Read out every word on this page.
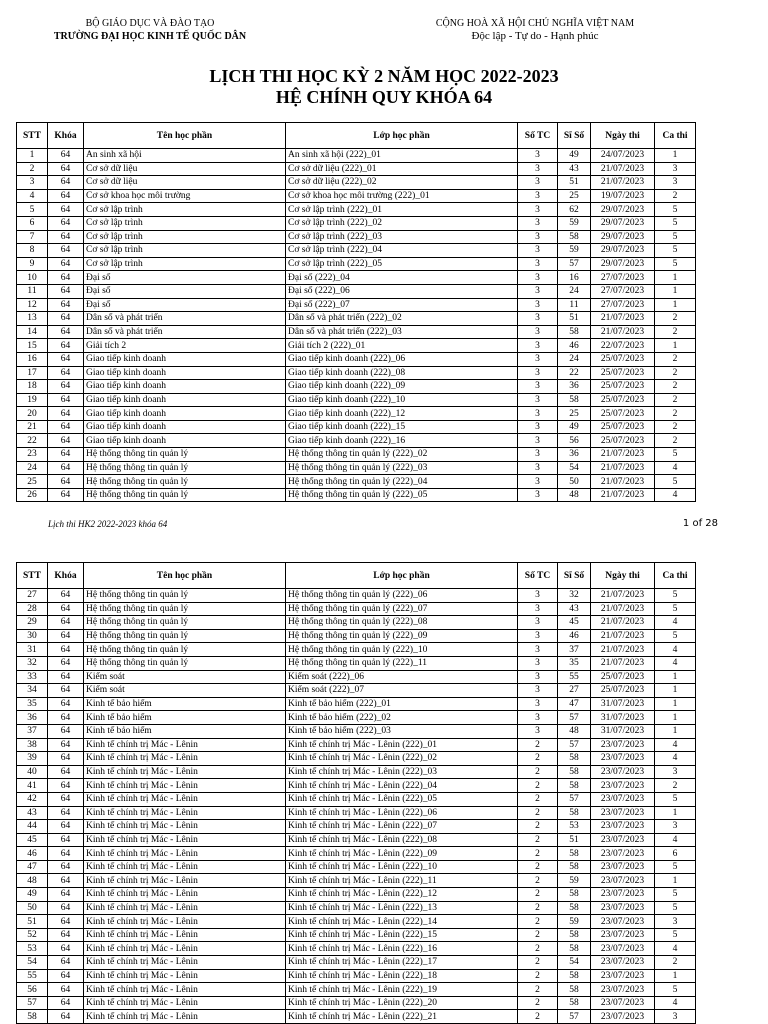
BỘ GIÁO DỤC VÀ ĐÀO TẠO
TRƯỜNG ĐẠI HỌC KINH TẾ QUỐC DÂN
CỘNG HOÀ XÃ HỘI CHỦ NGHĨA VIỆT NAM
Độc lập - Tự do - Hạnh phúc
LỊCH THI HỌC KỲ 2 NĂM HỌC 2022-2023
HỆ CHÍNH QUY KHÓA 64
STT	Khóa	Tên học phần	Lớp học phần	Số TC	Sĩ Số	Ngày thi	Ca thi
1	64	An sinh xã hội	An sinh xã hội (222)_01	3	49	24/07/2023	1
2	64	Cơ sở dữ liệu	Cơ sở dữ liệu (222)_01	3	43	21/07/2023	3
3	64	Cơ sở dữ liệu	Cơ sở dữ liệu (222)_02	3	51	21/07/2023	3
4	64	Cơ sở khoa học môi trường	Cơ sở khoa học môi trường (222)_01	3	25	19/07/2023	2
5	64	Cơ sở lập trình	Cơ sở lập trình (222)_01	3	62	29/07/2023	5
6	64	Cơ sở lập trình	Cơ sở lập trình (222)_02	3	59	29/07/2023	5
7	64	Cơ sở lập trình	Cơ sở lập trình (222)_03	3	58	29/07/2023	5
8	64	Cơ sở lập trình	Cơ sở lập trình (222)_04	3	59	29/07/2023	5
9	64	Cơ sở lập trình	Cơ sở lập trình (222)_05	3	57	29/07/2023	5
10	64	Đại số	Đại số (222)_04	3	16	27/07/2023	1
11	64	Đại số	Đại số (222)_06	3	24	27/07/2023	1
12	64	Đại số	Đại số (222)_07	3	11	27/07/2023	1
13	64	Dân số và phát triển	Dân số và phát triển (222)_02	3	51	21/07/2023	2
14	64	Dân số và phát triển	Dân số và phát triển (222)_03	3	58	21/07/2023	2
15	64	Giải tích 2	Giải tích 2 (222)_01	3	46	22/07/2023	1
16	64	Giao tiếp kinh doanh	Giao tiếp kinh doanh (222)_06	3	24	25/07/2023	2
17	64	Giao tiếp kinh doanh	Giao tiếp kinh doanh (222)_08	3	22	25/07/2023	2
18	64	Giao tiếp kinh doanh	Giao tiếp kinh doanh (222)_09	3	36	25/07/2023	2
19	64	Giao tiếp kinh doanh	Giao tiếp kinh doanh (222)_10	3	58	25/07/2023	2
20	64	Giao tiếp kinh doanh	Giao tiếp kinh doanh (222)_12	3	25	25/07/2023	2
21	64	Giao tiếp kinh doanh	Giao tiếp kinh doanh (222)_15	3	49	25/07/2023	2
22	64	Giao tiếp kinh doanh	Giao tiếp kinh doanh (222)_16	3	56	25/07/2023	2
23	64	Hệ thống thông tin quản lý	Hệ thống thông tin quản lý (222)_02	3	36	21/07/2023	5
24	64	Hệ thống thông tin quản lý	Hệ thống thông tin quản lý (222)_03	3	54	21/07/2023	4
25	64	Hệ thống thông tin quản lý	Hệ thống thông tin quản lý (222)_04	3	50	21/07/2023	5
26	64	Hệ thống thông tin quản lý	Hệ thống thông tin quản lý (222)_05	3	48	21/07/2023	4
Lịch thi HK2 2022-2023 khóa 64	1 of 28
STT	Khóa	Tên học phần	Lớp học phần	Số TC	Sĩ Số	Ngày thi	Ca thi
27	64	Hệ thống thông tin quản lý	Hệ thống thông tin quản lý (222)_06	3	32	21/07/2023	5
28	64	Hệ thống thông tin quản lý	Hệ thống thông tin quản lý (222)_07	3	43	21/07/2023	5
29	64	Hệ thống thông tin quản lý	Hệ thống thông tin quản lý (222)_08	3	45	21/07/2023	4
30	64	Hệ thống thông tin quản lý	Hệ thống thông tin quản lý (222)_09	3	46	21/07/2023	5
31	64	Hệ thống thông tin quản lý	Hệ thống thông tin quản lý (222)_10	3	37	21/07/2023	4
32	64	Hệ thống thông tin quản lý	Hệ thống thông tin quản lý (222)_11	3	35	21/07/2023	4
33	64	Kiểm soát	Kiểm soát (222)_06	3	55	25/07/2023	1
34	64	Kiểm soát	Kiểm soát (222)_07	3	27	25/07/2023	1
35	64	Kinh tế bảo hiểm	Kinh tế bảo hiểm (222)_01	3	47	31/07/2023	1
36	64	Kinh tế bảo hiểm	Kinh tế bảo hiểm (222)_02	3	57	31/07/2023	1
37	64	Kinh tế bảo hiểm	Kinh tế bảo hiểm (222)_03	3	48	31/07/2023	1
38	64	Kinh tế chính trị Mác - Lênin	Kinh tế chính trị Mác - Lênin (222)_01	2	57	23/07/2023	4
39	64	Kinh tế chính trị Mác - Lênin	Kinh tế chính trị Mác - Lênin (222)_02	2	58	23/07/2023	4
40	64	Kinh tế chính trị Mác - Lênin	Kinh tế chính trị Mác - Lênin (222)_03	2	58	23/07/2023	3
41	64	Kinh tế chính trị Mác - Lênin	Kinh tế chính trị Mác - Lênin (222)_04	2	58	23/07/2023	2
42	64	Kinh tế chính trị Mác - Lênin	Kinh tế chính trị Mác - Lênin (222)_05	2	57	23/07/2023	5
43	64	Kinh tế chính trị Mác - Lênin	Kinh tế chính trị Mác - Lênin (222)_06	2	58	23/07/2023	1
44	64	Kinh tế chính trị Mác - Lênin	Kinh tế chính trị Mác - Lênin (222)_07	2	53	23/07/2023	3
45	64	Kinh tế chính trị Mác - Lênin	Kinh tế chính trị Mác - Lênin (222)_08	2	51	23/07/2023	4
46	64	Kinh tế chính trị Mác - Lênin	Kinh tế chính trị Mác - Lênin (222)_09	2	58	23/07/2023	6
47	64	Kinh tế chính trị Mác - Lênin	Kinh tế chính trị Mác - Lênin (222)_10	2	58	23/07/2023	5
48	64	Kinh tế chính trị Mác - Lênin	Kinh tế chính trị Mác - Lênin (222)_11	2	59	23/07/2023	1
49	64	Kinh tế chính trị Mác - Lênin	Kinh tế chính trị Mác - Lênin (222)_12	2	58	23/07/2023	5
50	64	Kinh tế chính trị Mác - Lênin	Kinh tế chính trị Mác - Lênin (222)_13	2	58	23/07/2023	5
51	64	Kinh tế chính trị Mác - Lênin	Kinh tế chính trị Mác - Lênin (222)_14	2	59	23/07/2023	3
52	64	Kinh tế chính trị Mác - Lênin	Kinh tế chính trị Mác - Lênin (222)_15	2	58	23/07/2023	5
53	64	Kinh tế chính trị Mác - Lênin	Kinh tế chính trị Mác - Lênin (222)_16	2	58	23/07/2023	4
54	64	Kinh tế chính trị Mác - Lênin	Kinh tế chính trị Mác - Lênin (222)_17	2	54	23/07/2023	2
55	64	Kinh tế chính trị Mác - Lênin	Kinh tế chính trị Mác - Lênin (222)_18	2	58	23/07/2023	1
56	64	Kinh tế chính trị Mác - Lênin	Kinh tế chính trị Mác - Lênin (222)_19	2	58	23/07/2023	5
57	64	Kinh tế chính trị Mác - Lênin	Kinh tế chính trị Mác - Lênin (222)_20	2	58	23/07/2023	4
58	64	Kinh tế chính trị Mác - Lênin	Kinh tế chính trị Mác - Lênin (222)_21	2	57	23/07/2023	3
